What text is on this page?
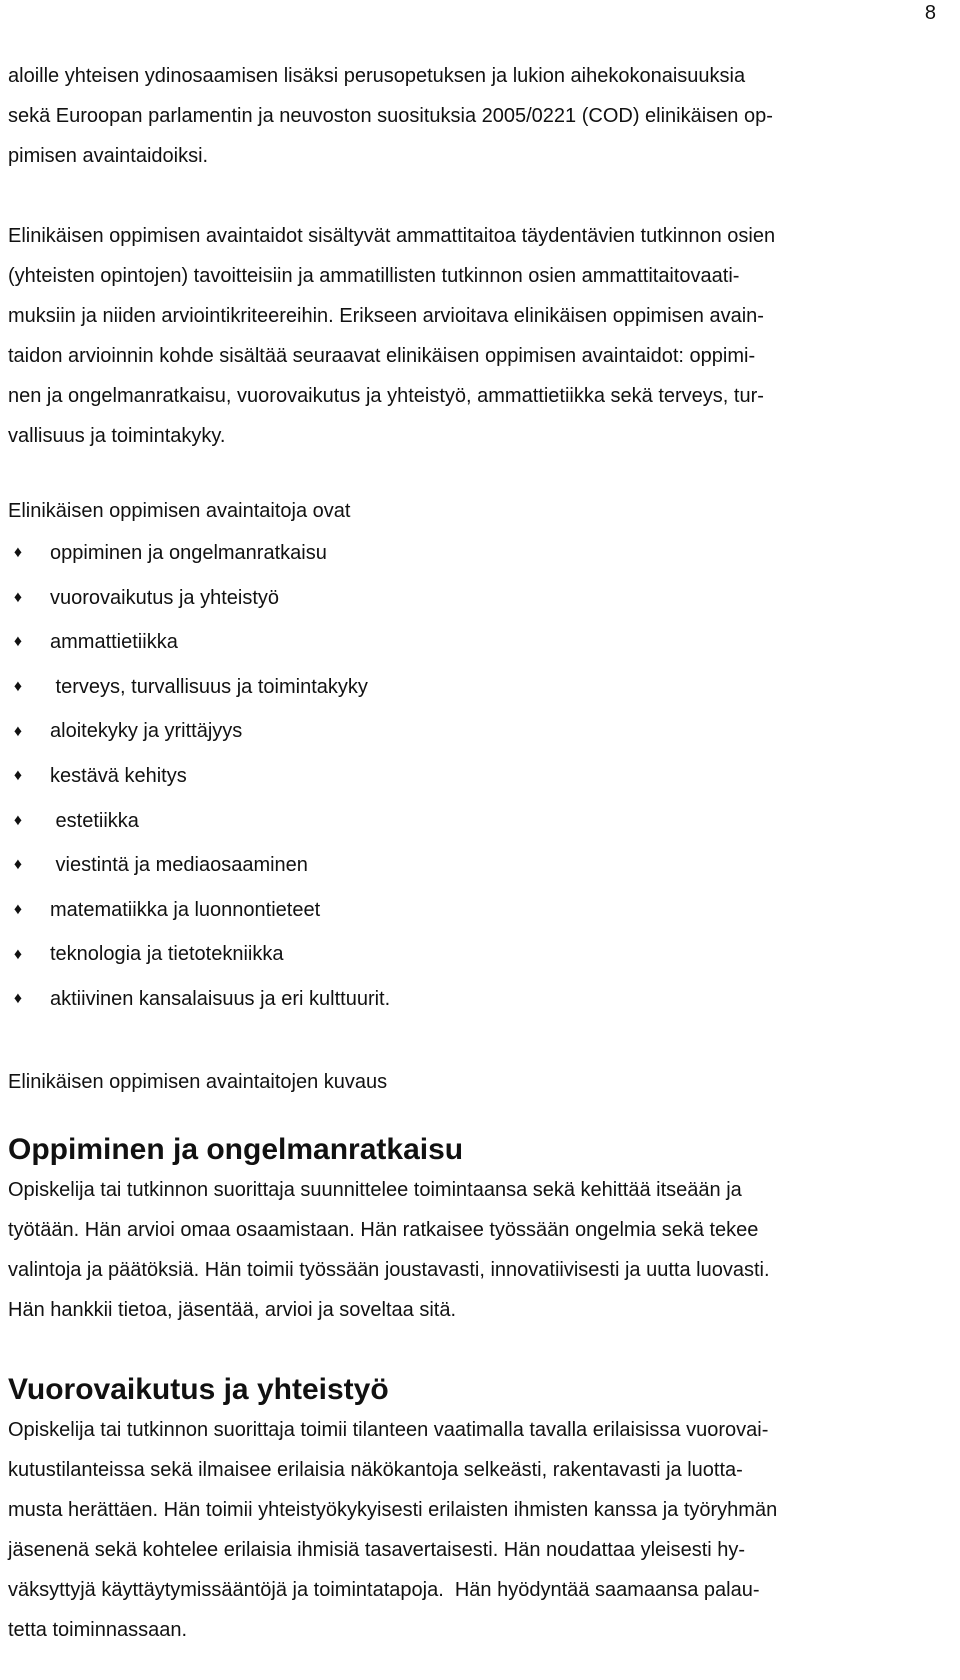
8

aloille yhteisen ydinosaamisen lisäksi perusopetuksen ja lukion aihekokonaisuuksia
sekä Euroopan parlamentin ja neuvoston suosituksia 2005/0221 (COD) elinikäisen op-
pimisen avaintaidoiksi.

Elinikäisen oppimisen avaintaidot sisältyvät ammattitaitoa täydentävien tutkinnon osien
(yhteisten opintojen) tavoitteisiin ja ammatillisten tutkinnon osien ammattitaitovaati-
muksiin ja niiden arviointikriteereihin. Erikseen arvioitava elinikäisen oppimisen avain-
taidon arvioinnin kohde sisältää seuraavat elinikäisen oppimisen avaintaidot: oppimi-
nen ja ongelmanratkaisu, vuorovaikutus ja yhteistyö, ammattietiikka sekä terveys, tur-
vallisuus ja toimintakyky.

Elinikäisen oppimisen avaintaitoja ovat

♦ oppiminen ja ongelmanratkaisu
♦ vuorovaikutus ja yhteistyö
♦ ammattietiikka
♦ terveys, turvallisuus ja toimintakyky
♦ aloitekyky ja yrittäjyys
♦ kestävä kehitys
♦ estetiikka
♦ viestintä ja mediaosaaminen
♦ matematiikka ja luonnontieteet
♦ teknologia ja tietotekniikka
♦ aktiivinen kansalaisuus ja eri kulttuurit.

Elinikäisen oppimisen avaintaitojen kuvaus

Oppiminen ja ongelmanratkaisu

Opiskelija tai tutkinnon suorittaja suunnittelee toimintaansa sekä kehittää itseään ja
työtään. Hän arvioi omaa osaamistaan. Hän ratkaisee työssään ongelmia sekä tekee
valintoja ja päätöksiä. Hän toimii työssään joustavasti, innovatiivisesti ja uutta luovasti.
Hän hankkii tietoa, jäsentää, arvioi ja soveltaa sitä.

Vuorovaikutus ja yhteistyö

Opiskelija tai tutkinnon suorittaja toimii tilanteen vaatimalla tavalla erilaisissa vuorovai-
kutustilanteissa sekä ilmaisee erilaisia näkökantoja selkeästi, rakentavasti ja luotta-
musta herättäen. Hän toimii yhteistyökykyisesti erilaisten ihmisten kanssa ja työryhmän
jäsenenä sekä kohtelee erilaisia ihmisiä tasavertaisesti. Hän noudattaa yleisesti hy-
väksyttyjä käyttäytymissääntöjä ja toimintatapoja.  Hän hyödyntää saamaansa palau-
tetta toiminnassaan.
